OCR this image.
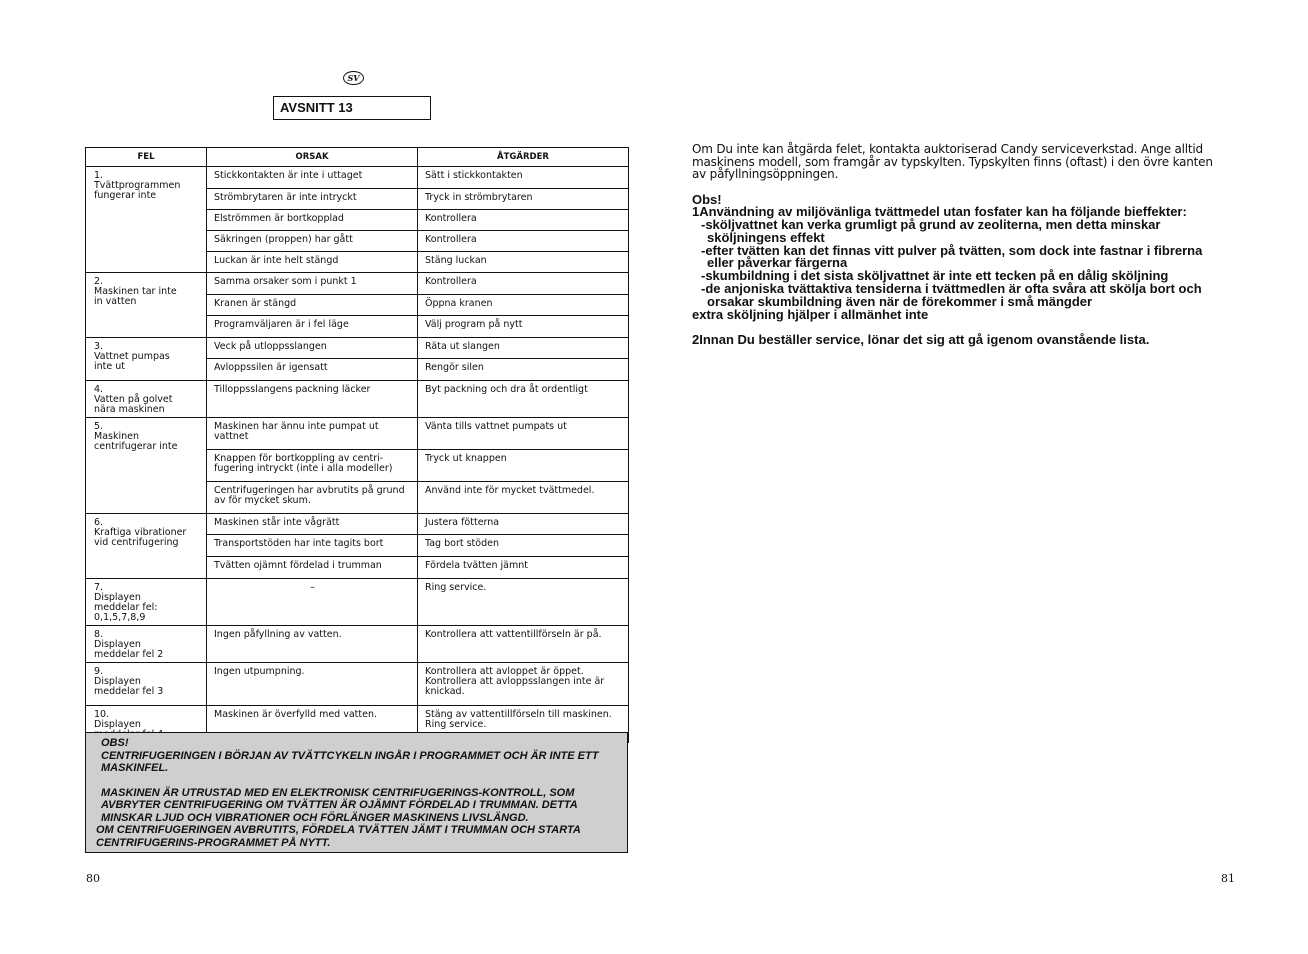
SV
AVSNITT 13
FEL	ORSAK	ÅTGÄRDER
1.Tvättprogrammen fungerar inte	Stickkontakten är inte i uttaget	Sätt i stickkontakten
	Strömbrytaren är inte intryckt	Tryck in strömbrytaren
	Elströmmen är bortkopplad	Kontrollera
	Säkringen (proppen) har gått	Kontrollera
	Luckan är inte helt stängd	Stäng luckan
2.Maskinen tar inte in vatten	Samma orsaker som i punkt 1	Kontrollera
	Kranen är stängd	Öppna kranen
	Programväljaren är i fel läge	Välj program på nytt
3.Vattnet pumpas inte ut	Veck på utloppsslangen	Räta ut slangen
	Avloppssilen är igensatt	Rengör silen
4.Vatten på golvet nära maskinen	Tilloppsslangens packning läcker	Byt packning och dra åt ordentligt
5.Maskinen centrifugerar inte	Maskinen har ännu inte pumpat ut vattnet	Vänta tills vattnet pumpats ut
	Knappen för bortkoppling av centri-fugering intryckt (inte i alla modeller)	Tryck ut knappen
	Centrifugeringen har avbrutits på grund av för mycket skum.	Använd inte för mycket tvättmedel.
6.Kraftiga vibrationer vid centrifugering	Maskinen står inte vågrätt	Justera fötterna
	Transportstöden har inte tagits bort	Tag bort stöden
	Tvätten ojämnt fördelad i trumman	Fördela tvätten jämnt
7.Displayen meddelar fel: 0,1,5,7,8,9	–	Ring service.
8.Displayen meddelar fel 2	Ingen påfyllning av vatten.	Kontrollera att vattentillförseln är på.
9.Displayen meddelar fel 3	Ingen utpumpning.	Kontrollera att avloppet är öppet. Kontrollera att avloppsslangen inte är knickad.
10.Displayen	Maskinen är överfylld med vatten.	Stäng av vattentillförseln till maskinen. Ring service.

OBS!

CENTRIFUGERINGEN I BÖRJAN AV TVÄTTCYKELN INGÅR I PROGRAMMET OCH ÄR INTE ETT MASKINFEL.

MASKINEN ÄR UTRUSTAD MED EN ELEKTRONISK CENTRIFUGERINGS-KONTROLL, SOM AVBRYTER CENTRIFUGERING OM TVÄTTEN ÄR OJÄMNT FÖRDELAD I TRUMMAN. DETTA MINSKAR LJUD OCH VIBRATIONER OCH FÖRLÄNGER MASKINENS LIVSLÄNGD.

OM CENTRIFUGERINGEN AVBRUTITS, FÖRDELA TVÄTTEN JÄMT I TRUMMAN OCH STARTA CENTRIFUGERINS-PROGRAMMET PÅ NYTT.

80	81

Om Du inte kan åtgärda felet, kontakta auktoriserad Candy serviceverkstad. Ange alltid maskinens modell, som framgår av typskylten. Typskylten finns (oftast) i den övre kanten av påfyllningsöppningen.

Obs!

1Användning av miljövänliga tvättmedel utan fosfater kan ha följande bieffekter:

-sköljvattnet kan verka grumligt på grund av zeoliterna, men detta minskar sköljningens effekt

-efter tvätten kan det finnas vitt pulver på tvätten, som dock inte fastnar i fibrerna eller påverkar färgerna

-skumbildning i det sista sköljvattnet är inte ett tecken på en dålig sköljning

-de anjoniska tvättaktiva tensiderna i tvättmedlen är ofta svåra att skölja bort och orsakar skumbildning även när de förekommer i små mängder

extra sköljning hjälper i allmänhet inte

2Innan Du beställer service, lönar det sig att gå igenom ovanstående lista.
